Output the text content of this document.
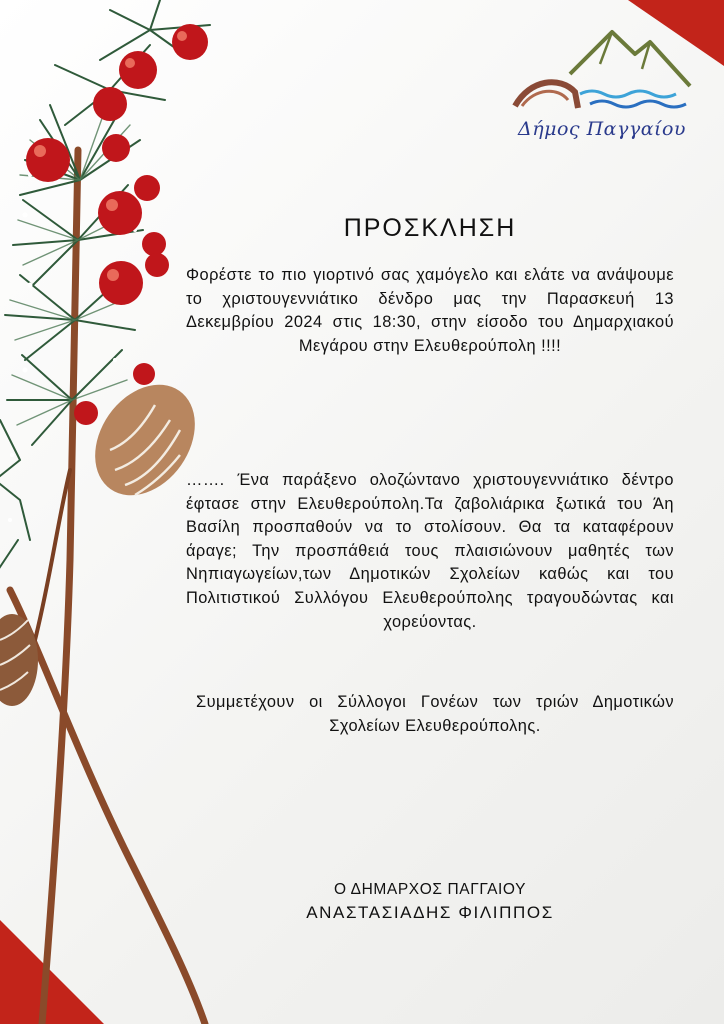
Δήμος Παγγαίου
ΠΡΟΣΚΛΗΣΗ
Φορέστε το πιο γιορτινό σας χαμόγελο και ελάτε να ανάψουμε το χριστουγεννιάτικο δένδρο μας την Παρασκευή 13 Δεκεμβρίου 2024 στις 18:30, στην είσοδο του Δημαρχιακού Μεγάρου στην Ελευθερούπολη !!!!
……. Ένα παράξενο ολοζώντανο χριστουγεννιάτικο δέντρο έφτασε στην Ελευθερούπολη.Τα ζαβολιάρικα ξωτικά του Άη Βασίλη προσπαθούν να το στολίσουν. Θα τα καταφέρουν άραγε; Την προσπάθειά τους πλαισιώνουν μαθητές των Νηπιαγωγείων,των Δημοτικών Σχολείων καθώς και του Πολιτιστικού Συλλόγου Ελευθερούπολης τραγουδώντας και χορεύοντας.
Συμμετέχουν οι Σύλλογοι Γονέων των τριών Δημοτικών Σχολείων Ελευθερούπολης.
Ο ΔΗΜΑΡΧΟΣ ΠΑΓΓΑΙΟΥ
ΑΝΑΣΤΑΣΙΑΔΗΣ ΦΙΛΙΠΠΟΣ
